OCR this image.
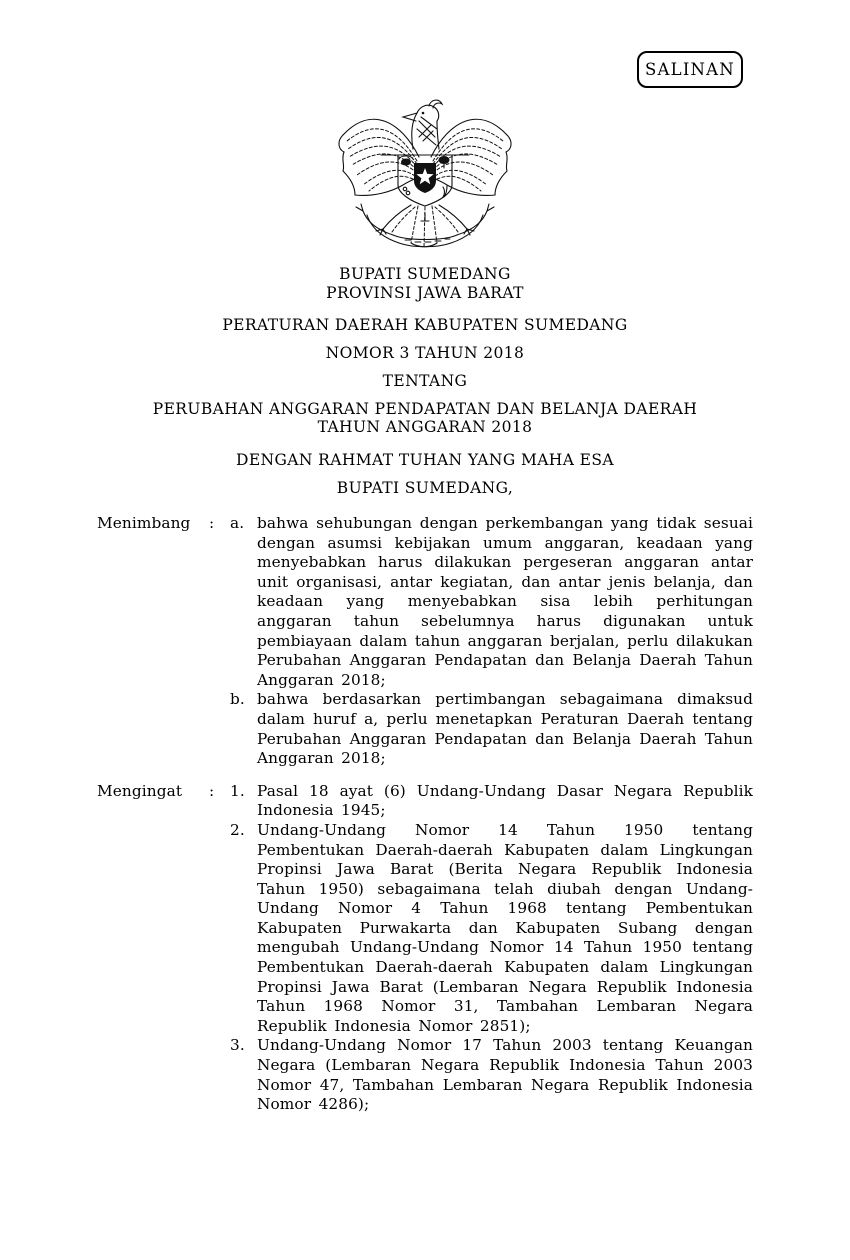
SALINAN
BUPATI SUMEDANG
PROVINSI JAWA BARAT
PERATURAN DAERAH KABUPATEN SUMEDANG
NOMOR 3 TAHUN 2018
TENTANG
PERUBAHAN ANGGARAN PENDAPATAN DAN BELANJA DAERAH TAHUN ANGGARAN 2018
DENGAN RAHMAT TUHAN YANG MAHA ESA
BUPATI SUMEDANG,
Menimbang	:	a. bahwa sehubungan dengan perkembangan yang tidak sesuai dengan asumsi kebijakan umum anggaran, keadaan yang menyebabkan harus dilakukan pergeseran anggaran antar unit organisasi, antar kegiatan, dan antar jenis belanja, dan keadaan yang menyebabkan sisa lebih perhitungan anggaran tahun sebelumnya harus digunakan untuk pembiayaan dalam tahun anggaran berjalan, perlu dilakukan Perubahan Anggaran Pendapatan dan Belanja Daerah Tahun Anggaran 2018;
b. bahwa berdasarkan pertimbangan sebagaimana dimaksud dalam huruf a, perlu menetapkan Peraturan Daerah tentang Perubahan Anggaran Pendapatan dan Belanja Daerah Tahun Anggaran 2018;
Mengingat	:	1. Pasal 18 ayat (6) Undang-Undang Dasar Negara Republik Indonesia 1945;
2. Undang-Undang Nomor 14 Tahun 1950 tentang Pembentukan Daerah-daerah Kabupaten dalam Lingkungan Propinsi Jawa Barat (Berita Negara Republik Indonesia Tahun 1950) sebagaimana telah diubah dengan Undang-Undang Nomor 4 Tahun 1968 tentang Pembentukan Kabupaten Purwakarta dan Kabupaten Subang dengan mengubah Undang-Undang Nomor 14 Tahun 1950 tentang Pembentukan Daerah-daerah Kabupaten dalam Lingkungan Propinsi Jawa Barat (Lembaran Negara Republik Indonesia Tahun 1968 Nomor 31, Tambahan Lembaran Negara Republik Indonesia Nomor 2851);
3. Undang-Undang Nomor 17 Tahun 2003 tentang Keuangan Negara (Lembaran Negara Republik Indonesia Tahun 2003 Nomor 47, Tambahan Lembaran Negara Republik Indonesia Nomor 4286);
